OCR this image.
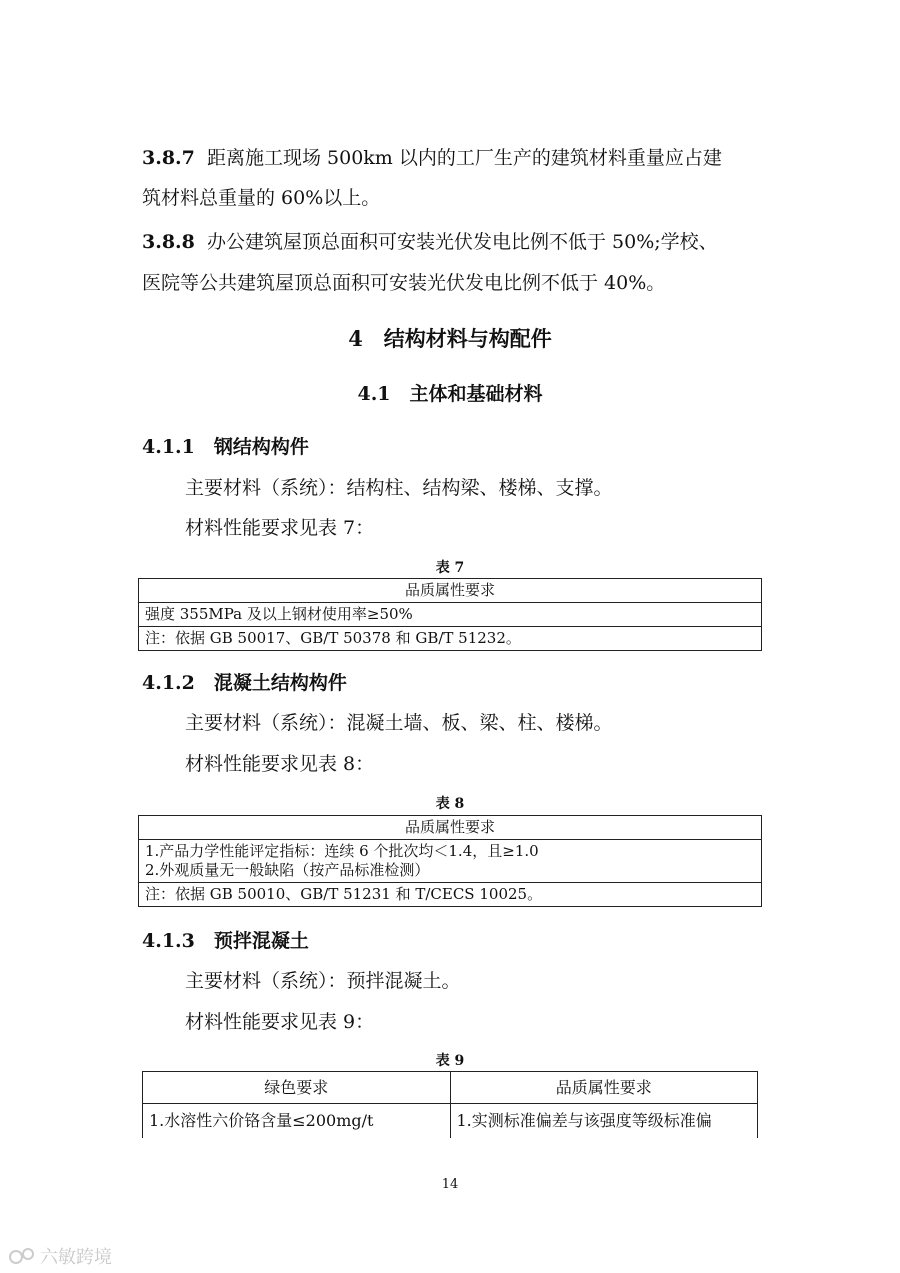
3.8.7 距离施工现场 500km 以内的工厂生产的建筑材料重量应占建
筑材料总重量的 60%以上。
3.8.8 办公建筑屋顶总面积可安装光伏发电比例不低于 50%;学校、
医院等公共建筑屋顶总面积可安装光伏发电比例不低于 40%。
4　结构材料与构配件
4.1　主体和基础材料
4.1.1　钢结构构件
主要材料（系统）：结构柱、结构梁、楼梯、支撑。
材料性能要求见表 7：
表 7
品质属性要求
强度 355MPa 及以上钢材使用率≥50%
注：依据 GB 50017、GB/T 50378 和 GB/T 51232。
4.1.2　混凝土结构构件
主要材料（系统）：混凝土墙、板、梁、柱、楼梯。
材料性能要求见表 8：
表 8
品质属性要求

1.产品力学性能评定指标：连续 6 个批次均＜1.4，且≥1.0
2.外观质量无一般缺陷（按产品标准检测）

注：依据 GB 50010、GB/T 51231 和 T/CECS 10025。
4.1.3　预拌混凝土
主要材料（系统）：预拌混凝土。
材料性能要求见表 9：
表 9
绿色要求	品质属性要求
1.水溶性六价铬含量≤200mg/t	1.实测标准偏差与该强度等级标准偏
14
六敏跨境
